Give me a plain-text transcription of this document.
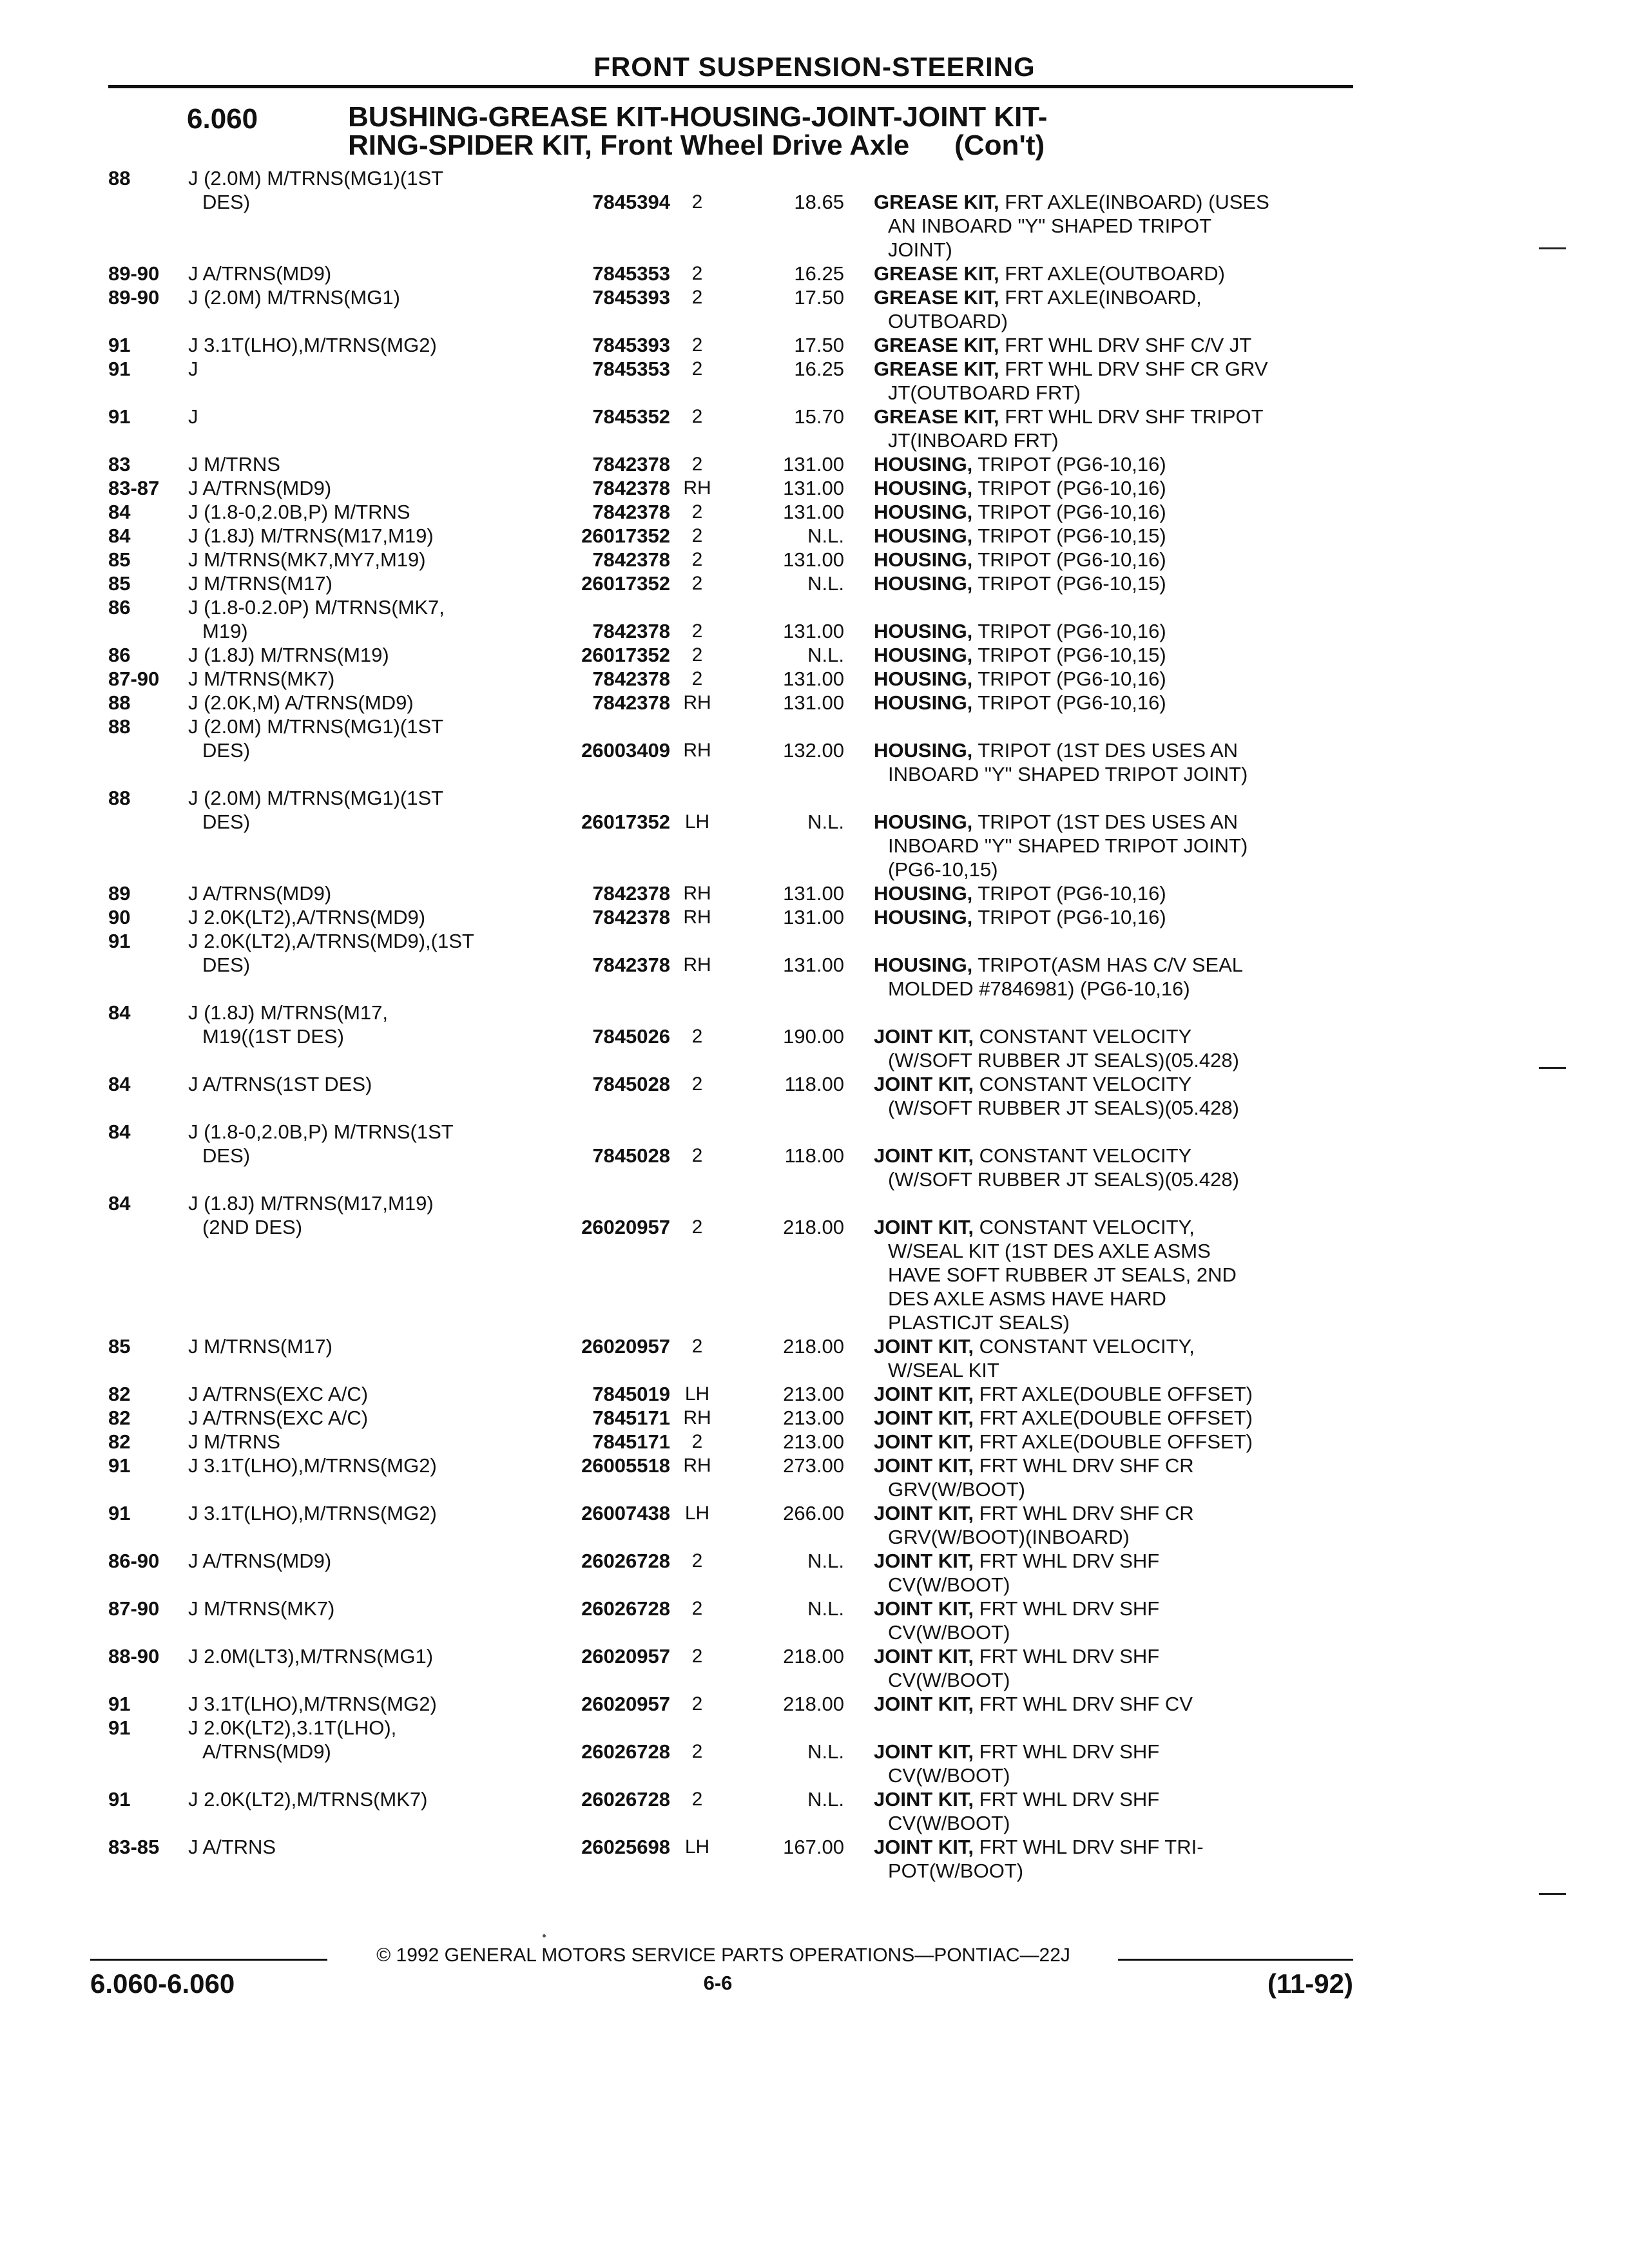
FRONT SUSPENSION-STEERING
6.060	BUSHING-GREASE KIT-HOUSING-JOINT-JOINT KIT-
RING-SPIDER KIT, Front Wheel Drive Axle (Con't)
88	J (2.0M) M/TRNS(MG1)(1ST
DES)	7845394	2	18.65 GREASE KIT, FRT AXLE(INBOARD) (USES
AN INBOARD "Y" SHAPED TRIPOT
JOINT)
89-90 J A/TRNS(MD9)	7845353	2	16.25 GREASE KIT, FRT AXLE(OUTBOARD)
89-90 J (2.0M) M/TRNS(MG1)	7845393	2	17.50 GREASE KIT, FRT AXLE(INBOARD,
OUTBOARD)
91	J 3.1T(LHO),M/TRNS(MG2)	7845393	2	17.50 GREASE KIT, FRT WHL DRV SHF C/V JT
91	J	7845353	2	16.25 GREASE KIT, FRT WHL DRV SHF CR GRV
JT(OUTBOARD FRT)
91	J	7845352	2	15.70 GREASE KIT, FRT WHL DRV SHF TRIPOT
JT(INBOARD FRT)
83	J M/TRNS	7842378	2	131.00 HOUSING, TRIPOT (PG6-10,16)
83-87 J A/TRNS(MD9)	7842378 RH	131.00 HOUSING, TRIPOT (PG6-10,16)
84	J (1.8-0,2.0B,P) M/TRNS	7842378	2	131.00 HOUSING, TRIPOT (PG6-10,16)
84	J (1.8J) M/TRNS(M17,M19)	26017352	2	N.L. HOUSING, TRIPOT (PG6-10,15)
85	J M/TRNS(MK7,MY7,M19)	7842378	2	131.00 HOUSING, TRIPOT (PG6-10,16)
85	J M/TRNS(M17)	26017352	2	N.L. HOUSING, TRIPOT (PG6-10,15)
86	J (1.8-0.2.0P) M/TRNS(MK7,
M19)	7842378	2	131.00 HOUSING, TRIPOT (PG6-10,16)
86	J (1.8J) M/TRNS(M19)	26017352	2	N.L. HOUSING, TRIPOT (PG6-10,15)
87-90 J M/TRNS(MK7)	7842378	2	131.00 HOUSING, TRIPOT (PG6-10,16)
88	J (2.0K,M) A/TRNS(MD9)	7842378 RH	131.00 HOUSING, TRIPOT (PG6-10,16)
88	J (2.0M) M/TRNS(MG1)(1ST
DES)	26003409 RH	132.00 HOUSING, TRIPOT (1ST DES USES AN
INBOARD "Y" SHAPED TRIPOT JOINT)
88	J (2.0M) M/TRNS(MG1)(1ST
DES)	26017352 LH	N.L. HOUSING, TRIPOT (1ST DES USES AN
INBOARD "Y" SHAPED TRIPOT JOINT)
(PG6-10,15)
89	J A/TRNS(MD9)	7842378 RH	131.00 HOUSING, TRIPOT (PG6-10,16)
90	J 2.0K(LT2),A/TRNS(MD9)	7842378 RH	131.00 HOUSING, TRIPOT (PG6-10,16)
91	J 2.0K(LT2),A/TRNS(MD9),(1ST
DES)	7842378 RH	131.00 HOUSING, TRIPOT(ASM HAS C/V SEAL
MOLDED #7846981) (PG6-10,16)
84	J (1.8J) M/TRNS(M17,
M19((1ST DES)	7845026	2	190.00 JOINT KIT, CONSTANT VELOCITY
(W/SOFT RUBBER JT SEALS)(05.428)
84	J A/TRNS(1ST DES)	7845028	2	118.00 JOINT KIT, CONSTANT VELOCITY
(W/SOFT RUBBER JT SEALS)(05.428)
84	J (1.8-0,2.0B,P) M/TRNS(1ST
DES)	7845028	2	118.00 JOINT KIT, CONSTANT VELOCITY
(W/SOFT RUBBER JT SEALS)(05.428)
84	J (1.8J) M/TRNS(M17,M19)
(2ND DES)	26020957	2	218.00 JOINT KIT, CONSTANT VELOCITY,
W/SEAL KIT (1ST DES AXLE ASMS
HAVE SOFT RUBBER JT SEALS, 2ND
DES AXLE ASMS HAVE HARD
PLASTICJT SEALS)
85	J M/TRNS(M17)	26020957	2	218.00 JOINT KIT, CONSTANT VELOCITY,
W/SEAL KIT
82	J A/TRNS(EXC A/C)	7845019 LH	213.00 JOINT KIT, FRT AXLE(DOUBLE OFFSET)
82	J A/TRNS(EXC A/C)	7845171 RH	213.00 JOINT KIT, FRT AXLE(DOUBLE OFFSET)
82	J M/TRNS	7845171	2	213.00 JOINT KIT, FRT AXLE(DOUBLE OFFSET)
91	J 3.1T(LHO),M/TRNS(MG2)	26005518 RH	273.00 JOINT KIT, FRT WHL DRV SHF CR
GRV(W/BOOT)
91	J 3.1T(LHO),M/TRNS(MG2)	26007438 LH	266.00 JOINT KIT, FRT WHL DRV SHF CR
GRV(W/BOOT)(INBOARD)
86-90 J A/TRNS(MD9)	26026728	2	N.L. JOINT KIT, FRT WHL DRV SHF
CV(W/BOOT)
87-90 J M/TRNS(MK7)	26026728	2	N.L. JOINT KIT, FRT WHL DRV SHF
CV(W/BOOT)
88-90 J 2.0M(LT3),M/TRNS(MG1)	26020957	2	218.00 JOINT KIT, FRT WHL DRV SHF
CV(W/BOOT)
91	J 3.1T(LHO),M/TRNS(MG2)	26020957	2	218.00 JOINT KIT, FRT WHL DRV SHF CV
91	J 2.0K(LT2),3.1T(LHO),
A/TRNS(MD9)	26026728	2	N.L. JOINT KIT, FRT WHL DRV SHF
CV(W/BOOT)
91	J 2.0K(LT2),M/TRNS(MK7)	26026728	2	N.L. JOINT KIT, FRT WHL DRV SHF
CV(W/BOOT)
83-85 J A/TRNS	26025698 LH	167.00 JOINT KIT, FRT WHL DRV SHF TRI-
POT(W/BOOT)
© 1992 GENERAL MOTORS SERVICE PARTS OPERATIONS—PONTIAC—22J
6.060-6.060	6-6	(11-92)
